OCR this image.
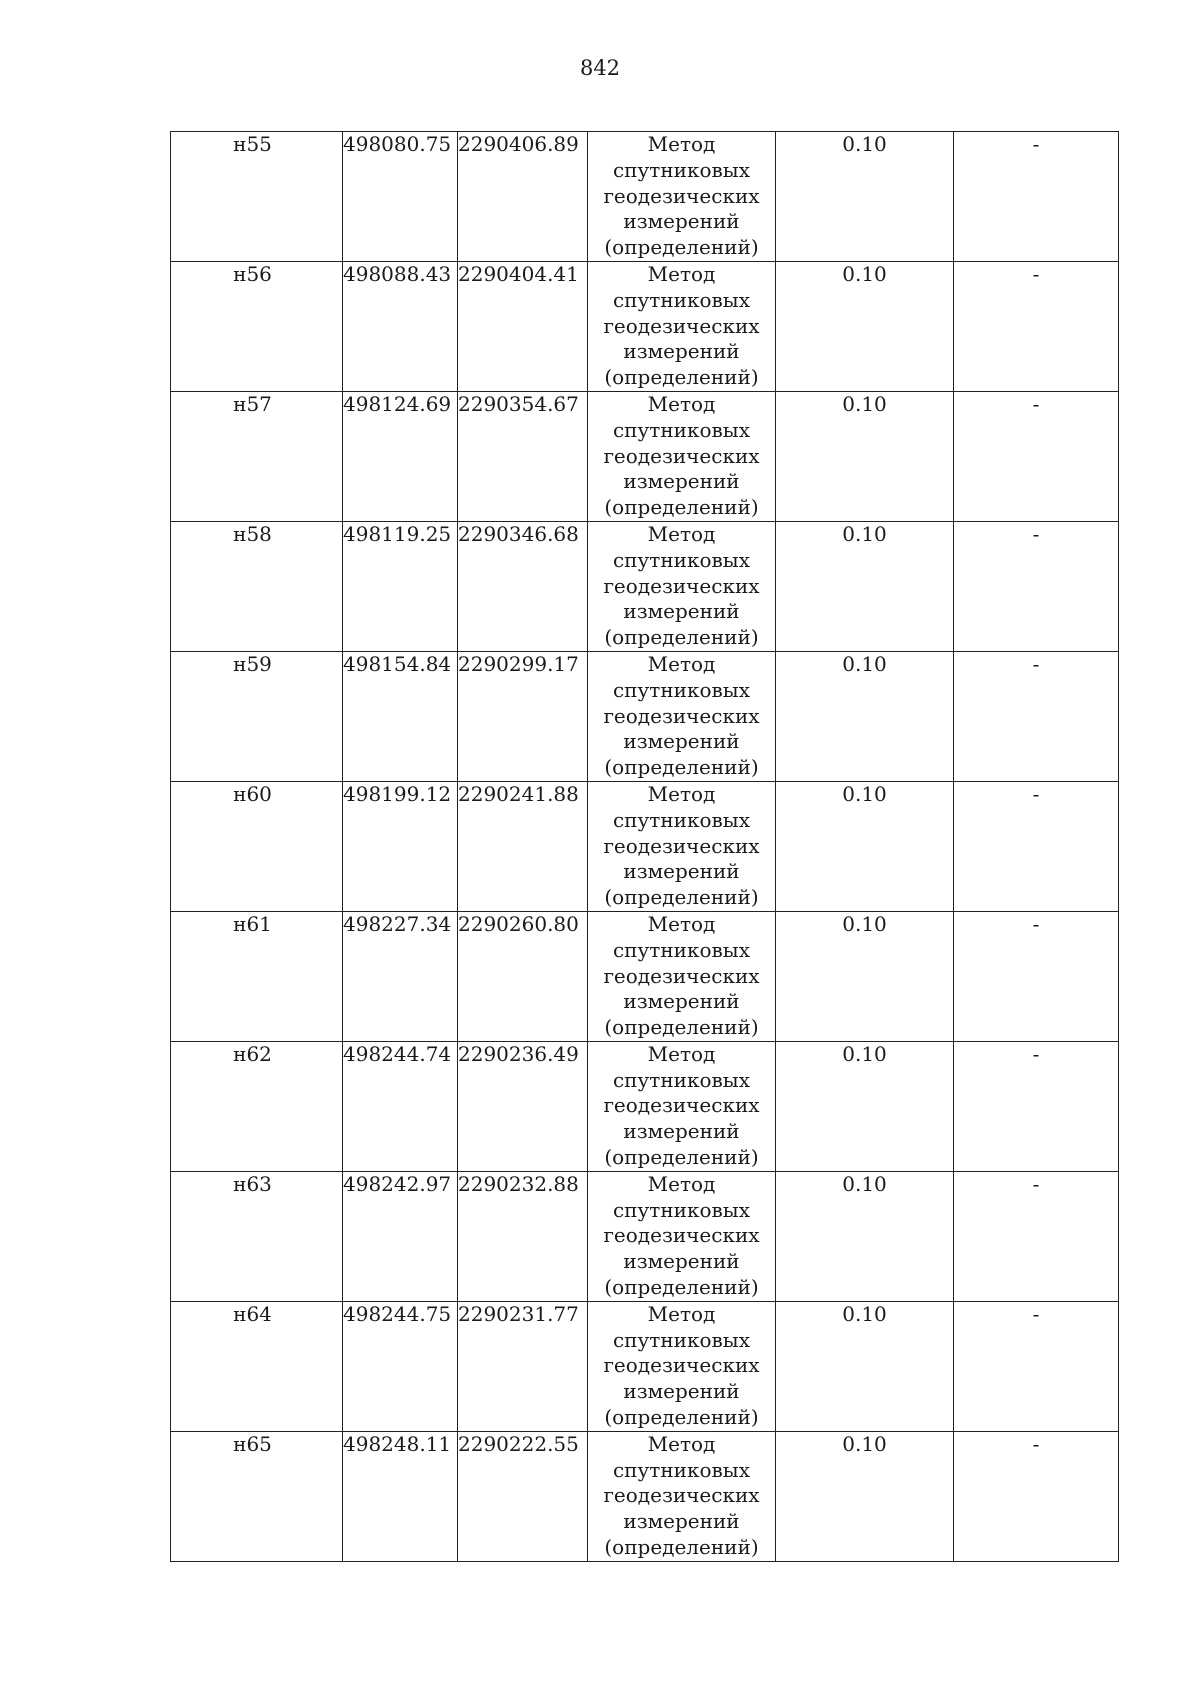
842
н55	498080.75	2290406.89	Метод
спутниковых
геодезических
измерений
(определений)	0.10	-
н56	498088.43	2290404.41	Метод
спутниковых
геодезических
измерений
(определений)	0.10	-
н57	498124.69	2290354.67	Метод
спутниковых
геодезических
измерений
(определений)	0.10	-
н58	498119.25	2290346.68	Метод
спутниковых
геодезических
измерений
(определений)	0.10	-
н59	498154.84	2290299.17	Метод
спутниковых
геодезических
измерений
(определений)	0.10	-
н60	498199.12	2290241.88	Метод
спутниковых
геодезических
измерений
(определений)	0.10	-
н61	498227.34	2290260.80	Метод
спутниковых
геодезических
измерений
(определений)	0.10	-
н62	498244.74	2290236.49	Метод
спутниковых
геодезических
измерений
(определений)	0.10	-
н63	498242.97	2290232.88	Метод
спутниковых
геодезических
измерений
(определений)	0.10	-
н64	498244.75	2290231.77	Метод
спутниковых
геодезических
измерений
(определений)	0.10	-
н65	498248.11	2290222.55	Метод
спутниковых
геодезических
измерений
(определений)	0.10	-
